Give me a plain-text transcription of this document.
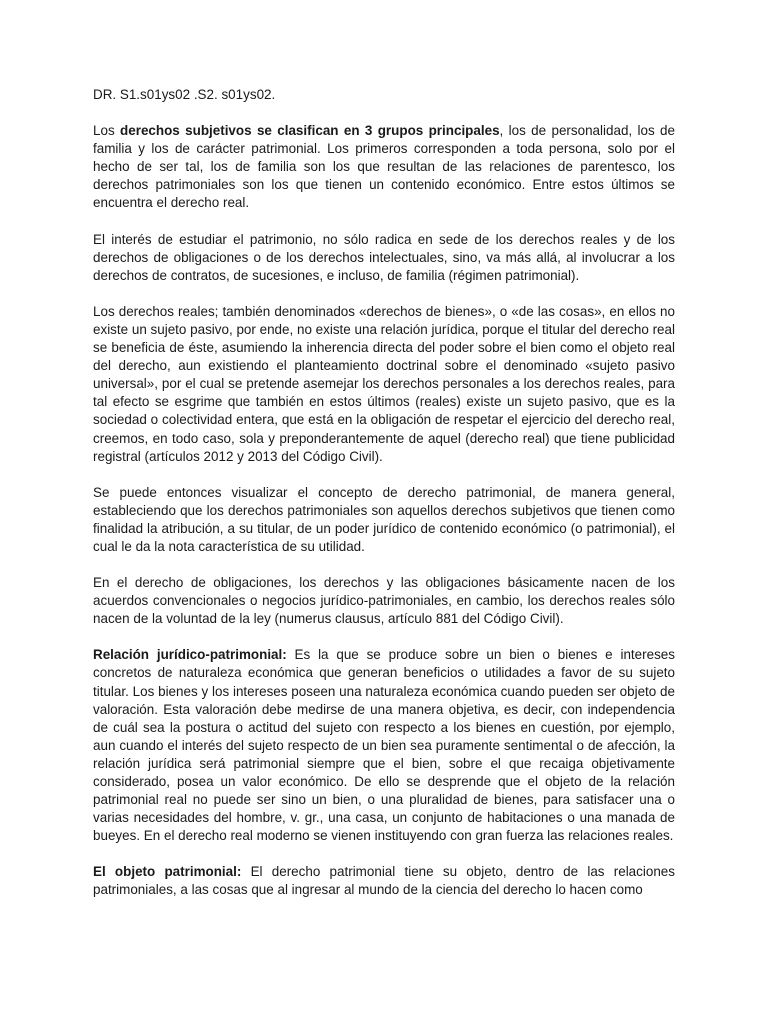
DR. S1.s01ys02 .S2. s01ys02.

Los derechos subjetivos se clasifican en 3 grupos principales, los de personalidad, los de familia y los de carácter patrimonial. Los primeros corresponden a toda persona, solo por el hecho de ser tal, los de familia son los que resultan de las relaciones de parentesco, los derechos patrimoniales son los que tienen un contenido económico. Entre estos últimos se encuentra el derecho real.

El interés de estudiar el patrimonio, no sólo radica en sede de los derechos reales y de los derechos de obligaciones o de los derechos intelectuales, sino, va más allá, al involucrar a los derechos de contratos, de sucesiones, e incluso, de familia (régimen patrimonial).

Los derechos reales; también denominados «derechos de bienes», o «de las cosas», en ellos no existe un sujeto pasivo, por ende, no existe una relación jurídica, porque el titular del derecho real se beneficia de éste, asumiendo la inherencia directa del poder sobre el bien como el objeto real del derecho, aun existiendo el planteamiento doctrinal sobre el denominado «sujeto pasivo universal», por el cual se pretende asemejar los derechos personales a los derechos reales, para tal efecto se esgrime que también en estos últimos (reales) existe un sujeto pasivo, que es la sociedad o colectividad entera, que está en la obligación de respetar el ejercicio del derecho real, creemos, en todo caso, sola y preponderantemente de aquel (derecho real) que tiene publicidad registral (artículos 2012 y 2013 del Código Civil).

Se puede entonces visualizar el concepto de derecho patrimonial, de manera general, estableciendo que los derechos patrimoniales son aquellos derechos subjetivos que tienen como finalidad la atribución, a su titular, de un poder jurídico de contenido económico (o patrimonial), el cual le da la nota característica de su utilidad.

En el derecho de obligaciones, los derechos y las obligaciones básicamente nacen de los acuerdos convencionales o negocios jurídico-patrimoniales, en cambio, los derechos reales sólo nacen de la voluntad de la ley (numerus clausus, artículo 881 del Código Civil).

Relación jurídico-patrimonial: Es la que se produce sobre un bien o bienes e intereses concretos de naturaleza económica que generan beneficios o utilidades a favor de su sujeto titular. Los bienes y los intereses poseen una naturaleza económica cuando pueden ser objeto de valoración. Esta valoración debe medirse de una manera objetiva, es decir, con independencia de cuál sea la postura o actitud del sujeto con respecto a los bienes en cuestión, por ejemplo, aun cuando el interés del sujeto respecto de un bien sea puramente sentimental o de afección, la relación jurídica será patrimonial siempre que el bien, sobre el que recaiga objetivamente considerado, posea un valor económico. De ello se desprende que el objeto de la relación patrimonial real no puede ser sino un bien, o una pluralidad de bienes, para satisfacer una o varias necesidades del hombre, v. gr., una casa, un conjunto de habitaciones o una manada de bueyes. En el derecho real moderno se vienen instituyendo con gran fuerza las relaciones reales.

El objeto patrimonial: El derecho patrimonial tiene su objeto, dentro de las relaciones patrimoniales, a las cosas que al ingresar al mundo de la ciencia del derecho lo hacen como
